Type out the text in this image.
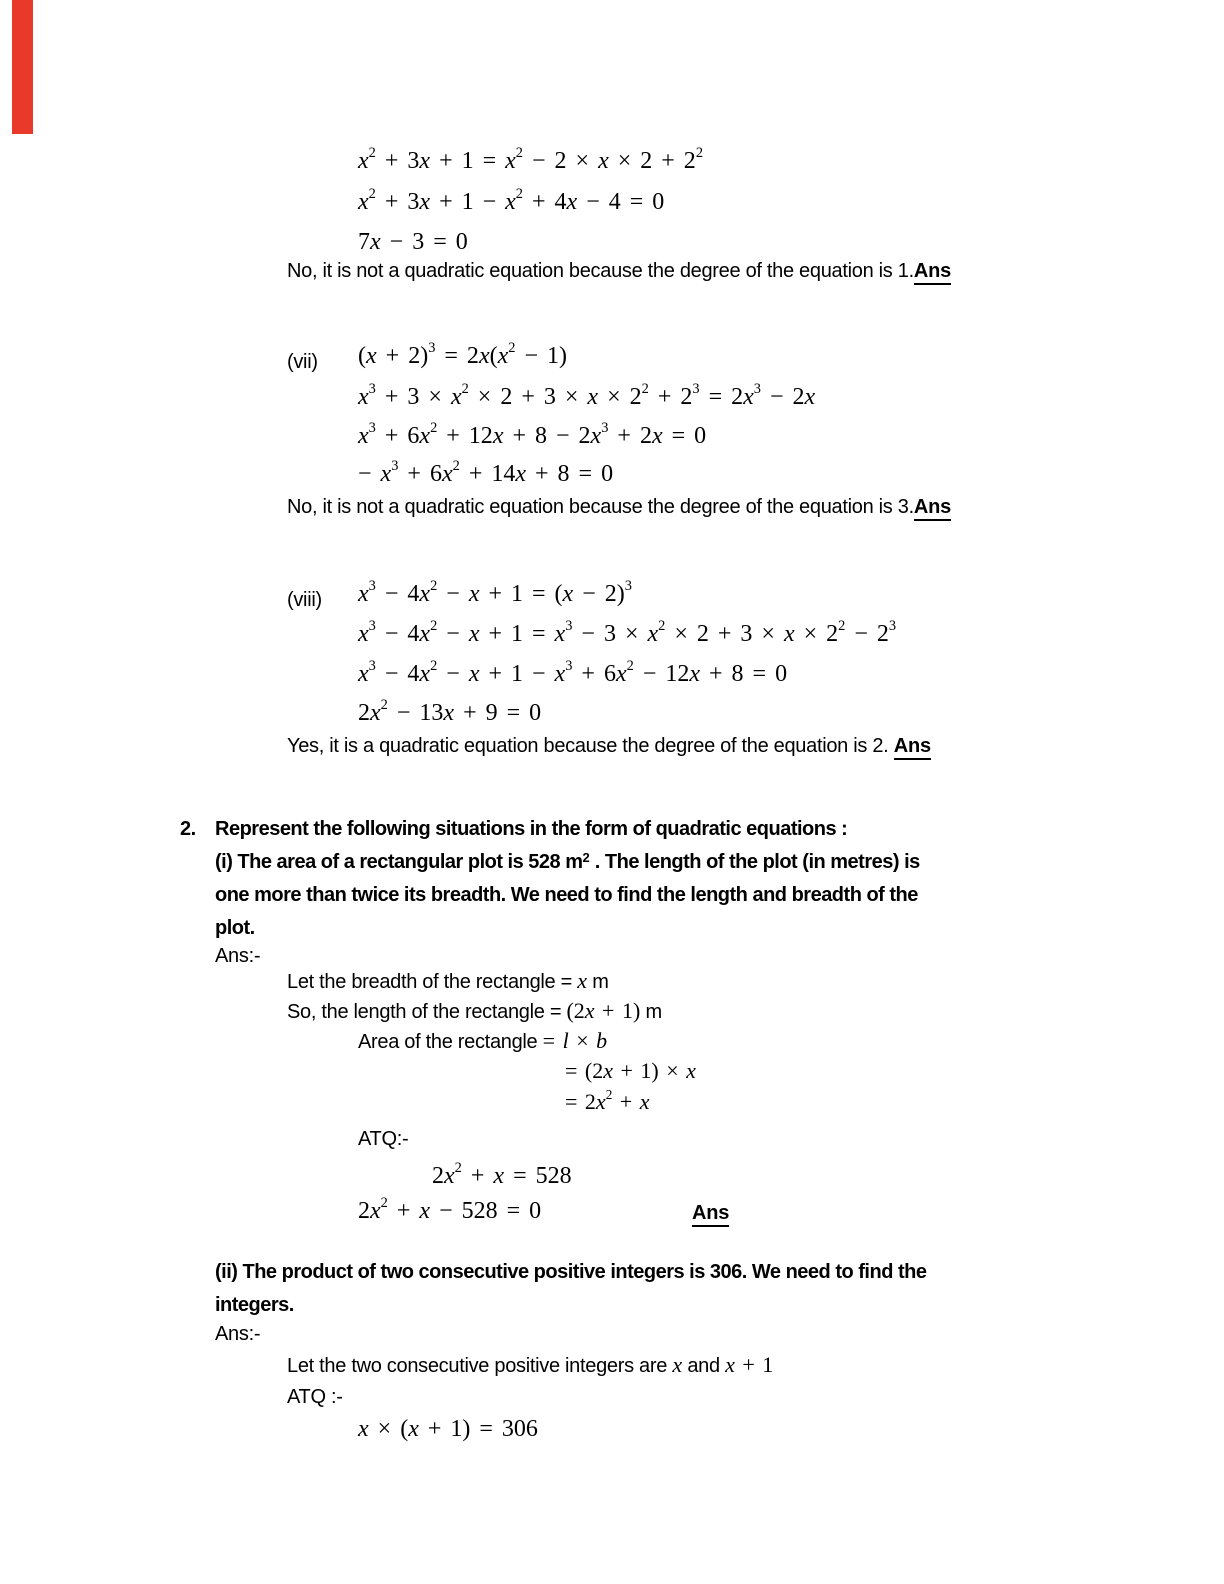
$x^2 + 3x + 1 = x^2 - 2 \times x \times 2 + 2^2$
$x^2 + 3x + 1 - x^2 + 4x - 4 = 0$
7x − 3 = 0
No, it is not a quadratic equation because the degree of the equation is 1.Ans
(vii) $(x + 2)^3 = 2x(x^2 - 1)$
$x^3 + 3 \times x^2 \times 2 + 3 \times x \times 2^2 + 2^3 = 2x^3 - 2x$
$x^3 + 6x^2 + 12x + 8 - 2x^3 + 2x = 0$
− $x^3 + 6x^2 + 14x + 8 = 0$
No, it is not a quadratic equation because the degree of the equation is 3.Ans
(viii) $x^3 - 4x^2 - x + 1 = (x - 2)^3$
$x^3 - 4x^2 - x + 1 = x^3 - 3 \times x^2 \times 2 + 3 \times x \times 2^2 - 2^3$
$x^3 - 4x^2 - x + 1 - x^3 + 6x^2 - 12x + 8 = 0$
$2x^2 - 13x + 9 = 0$
Yes, it is a quadratic equation because the degree of the equation is 2. Ans
2. Represent the following situations in the form of quadratic equations :
(i) The area of a rectangular plot is 528 $m^2$ . The length of the plot (in metres) is
one more than twice its breadth. We need to find the length and breadth of the
plot.
Ans:-
Let the breadth of the rectangle = x m
So, the length of the rectangle = (2x + 1) m
Area of the rectangle = l × b
= (2x + 1) × x
= $2x^2 + x$
ATQ:-
$2x^2 + x = 528$
$2x^2 + x - 528 = 0$	Ans
(ii) The product of two consecutive positive integers is 306. We need to find the
integers.
Ans:-
Let the two consecutive positive integers are x and x + 1
ATQ :-
x × (x + 1) = 306
